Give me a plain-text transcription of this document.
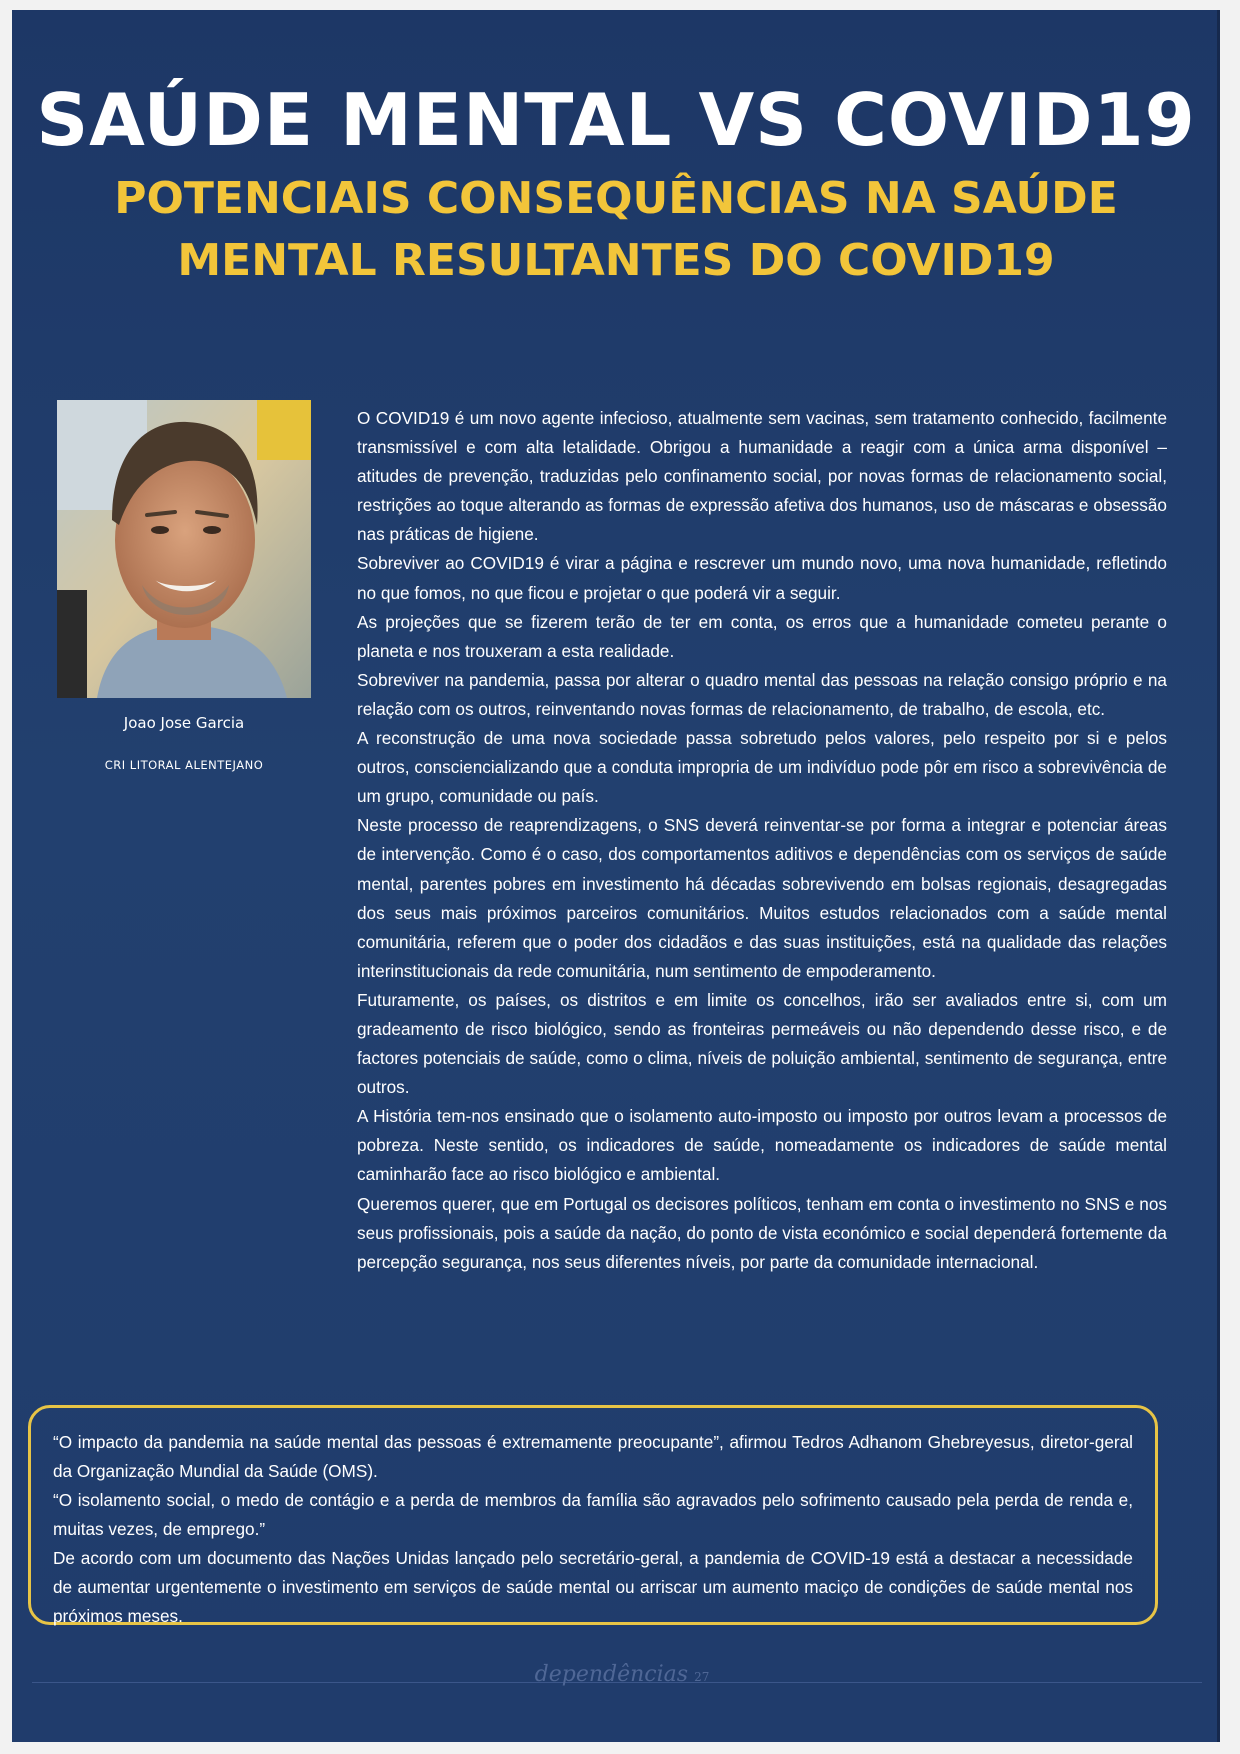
SAÚDE MENTAL VS COVID19
POTENCIAIS CONSEQUÊNCIAS NA SAÚDE MENTAL RESULTANTES DO COVID19
Joao Jose Garcia
CRI LITORAL ALENTEJANO

O COVID19 é um novo agente infecioso, atualmente sem vacinas, sem tratamento conhecido, facilmente transmissível e com alta letalidade. Obrigou a humanidade a reagir com a única arma disponível – atitudes de prevenção, traduzidas pelo confinamento social, por novas formas de relacionamento social, restrições ao toque alterando as formas de expressão afetiva dos humanos, uso de máscaras e obsessão nas práticas de higiene.

Sobreviver ao COVID19 é virar a página e rescrever um mundo novo, uma nova humanidade, refletindo no que fomos, no que ficou e projetar o que poderá vir a seguir.

As projeções que se fizerem terão de ter em conta, os erros que a humanidade cometeu perante o planeta e nos trouxeram a esta realidade.

Sobreviver na pandemia, passa por alterar o quadro mental das pessoas na relação consigo próprio e na relação com os outros, reinventando novas formas de relacionamento, de trabalho, de escola, etc.

A reconstrução de uma nova sociedade passa sobretudo pelos valores, pelo respeito por si e pelos outros, consciencializando que a conduta impropria de um indivíduo pode pôr em risco a sobrevivência de um grupo, comunidade ou país.

Neste processo de reaprendizagens, o SNS deverá reinventar-se por forma a integrar e potenciar áreas de intervenção. Como é o caso, dos comportamentos aditivos e dependências com os serviços de saúde mental, parentes pobres em investimento há décadas sobrevivendo em bolsas regionais, desagregadas dos seus mais próximos parceiros comunitários. Muitos estudos relacionados com a saúde mental comunitária, referem que o poder dos cidadãos e das suas instituições, está na qualidade das relações interinstitucionais da rede comunitária, num sentimento de empoderamento.

Futuramente, os países, os distritos e em limite os concelhos, irão ser avaliados entre si, com um gradeamento de risco biológico, sendo as fronteiras permeáveis ou não dependendo desse risco, e de factores potenciais de saúde, como o clima, níveis de poluição ambiental, sentimento de segurança, entre outros.

A História tem-nos ensinado que o isolamento auto-imposto ou imposto por outros levam a processos de pobreza. Neste sentido, os indicadores de saúde, nomeadamente os indicadores de saúde mental caminharão face ao risco biológico e ambiental.

Queremos querer, que em Portugal os decisores políticos, tenham em conta o investimento no SNS e nos seus profissionais, pois a saúde da nação, do ponto de vista económico e social dependerá fortemente da percepção segurança, nos seus diferentes níveis, por parte da comunidade internacional.

“O impacto da pandemia na saúde mental das pessoas é extremamente preocupante”, afirmou Tedros Adhanom Ghebreyesus, diretor-geral da Organização Mundial da Saúde (OMS).

“O isolamento social, o medo de contágio e a perda de membros da família são agravados pelo sofrimento causado pela perda de renda e, muitas vezes, de emprego.”

De acordo com um documento das Nações Unidas lançado pelo secretário-geral, a pandemia de COVID-19 está a destacar a necessidade de aumentar urgentemente o investimento em serviços de saúde mental ou arriscar um aumento maciço de condições de saúde mental nos próximos meses.

dependências 27
